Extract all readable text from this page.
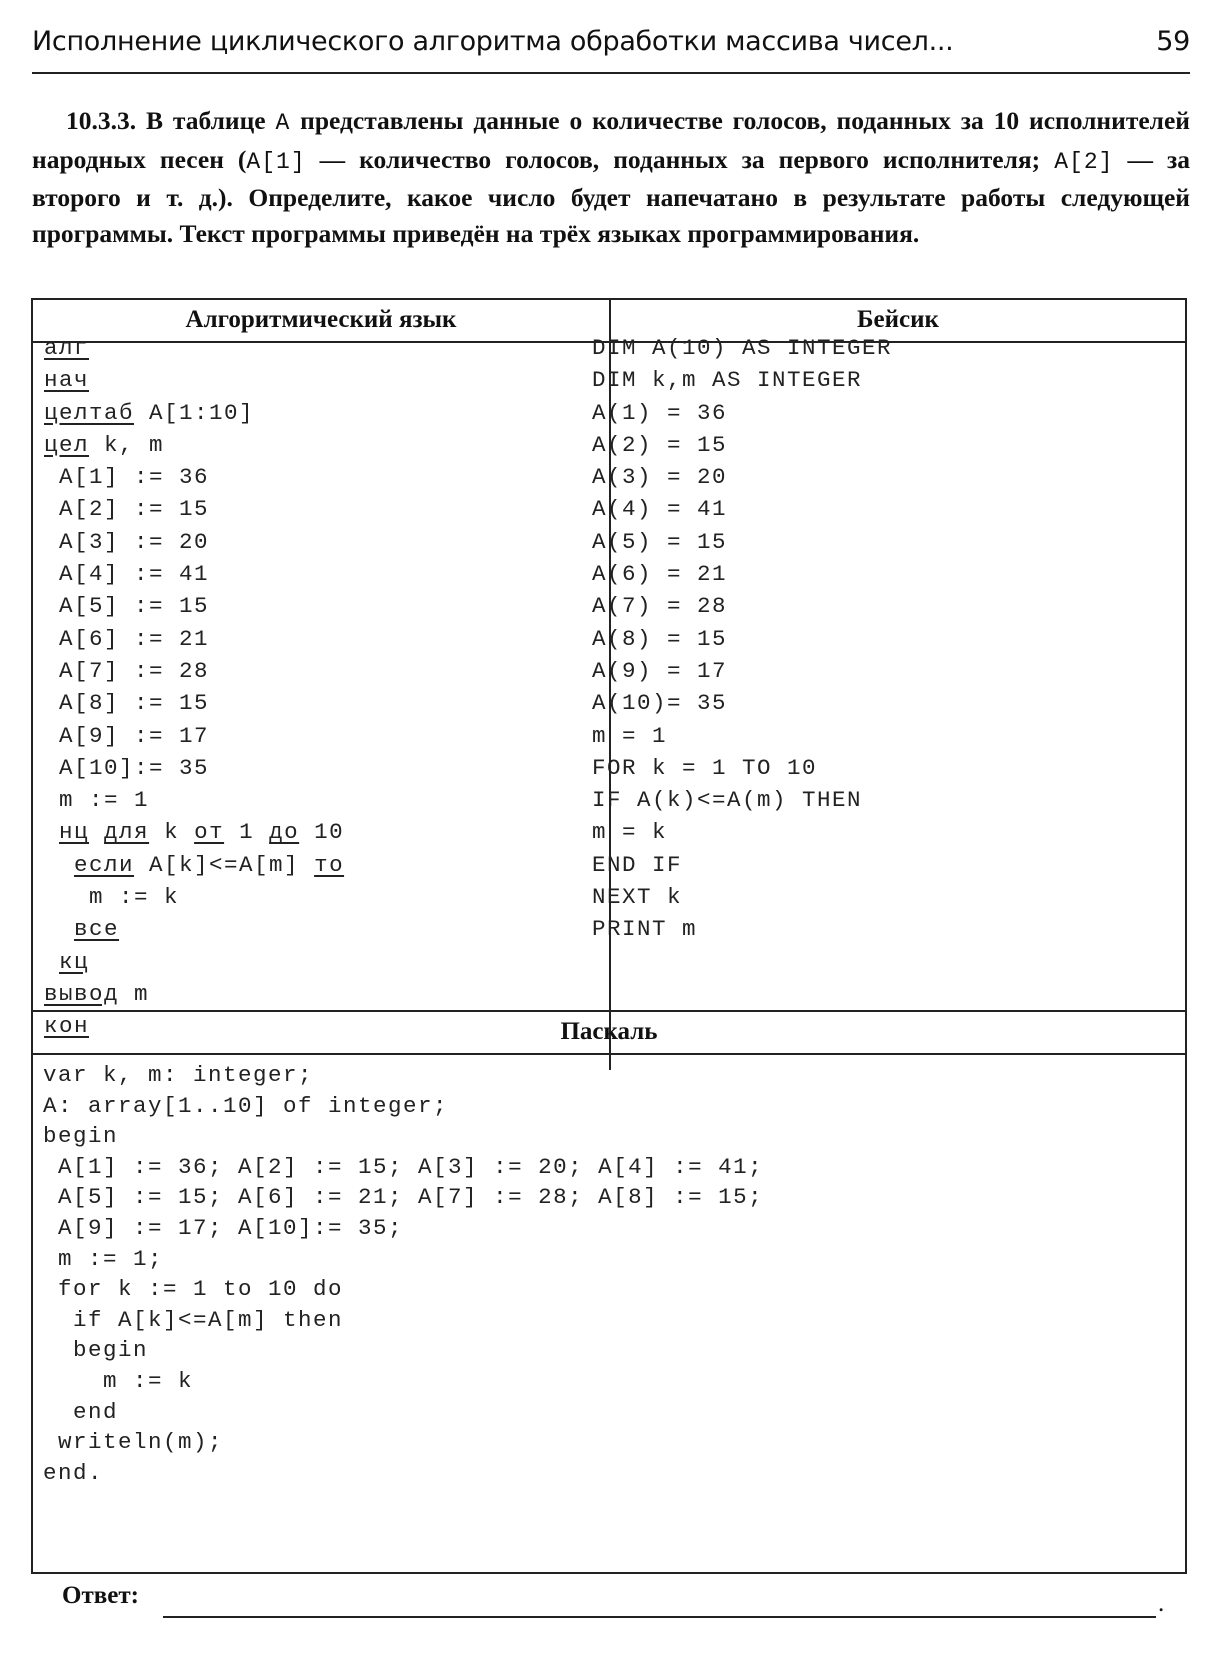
Исполнение циклического алгоритма обработки массива чисел...	59
10.3.3. В таблице A представлены данные о количестве голосов, поданных за 10 исполнителей народных песен (A[1] — количество голосов, поданных за первого исполнителя; A[2] — за второго и т. д.). Определите, какое число будет напечатано в результате работы следующей программы. Текст программы приведён на трёх языках программирования.
Алгоритмический язык	Бейсик
Паскаль
алг
нач
целтаб A[1:10]
цел k, m
A[1] := 36
A[2] := 15
A[3] := 20
A[4] := 41
A[5] := 15
A[6] := 21
A[7] := 28
A[8] := 15
A[9] := 17
A[10]:= 35
m := 1
нц для k от 1 до 10
если A[k]<=A[m] то
m := k
все
кц
вывод m
кон
DIM A(10) AS INTEGER
DIM k,m AS INTEGER
A(1) = 36
A(2) = 15
A(3) = 20
A(4) = 41
A(5) = 15
A(6) = 21
A(7) = 28
A(8) = 15
A(9) = 17
A(10)= 35
m = 1
FOR k = 1 TO 10
IF A(k)<=A(m) THEN
m = k
END IF
NEXT k
PRINT m
var k, m: integer;
A: array[1..10] of integer;
begin
A[1] := 36; A[2] := 15; A[3] := 20; A[4] := 41;
A[5] := 15; A[6] := 21; A[7] := 28; A[8] := 15;
A[9] := 17; A[10]:= 35;
m := 1;
for k := 1 to 10 do
if A[k]<=A[m] then
begin
m := k
end
writeln(m);
end.
Ответ:	.
